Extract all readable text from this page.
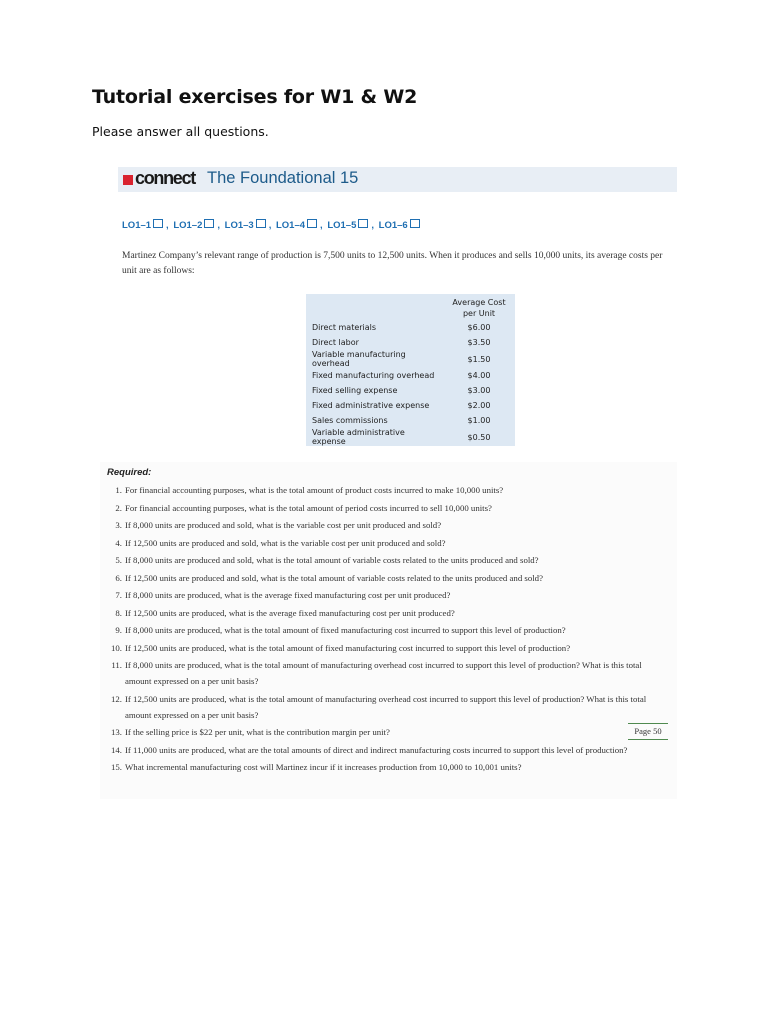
Tutorial exercises for W1 & W2

Please answer all questions.

connect The Foundational 15
LO1–1 , LO1–2 , LO1–3 , LO1–4 , LO1–5 , LO1–6

Martinez Company’s relevant range of production is 7,500 units to 12,500 units. When it produces and sells 10,000 units, its average costs per unit are as follows:

	Average Cost
per Unit
Direct materials	$6.00
Direct labor	$3.50
Variable manufacturing overhead	$1.50
Fixed manufacturing overhead	$4.00
Fixed selling expense	$3.00
Fixed administrative expense	$2.00
Sales commissions	$1.00
Variable administrative expense	$0.50
Required:
1. For financial accounting purposes, what is the total amount of product costs incurred to make 10,000 units?
2. For financial accounting purposes, what is the total amount of period costs incurred to sell 10,000 units?
3. If 8,000 units are produced and sold, what is the variable cost per unit produced and sold?
4. If 12,500 units are produced and sold, what is the variable cost per unit produced and sold?
5. If 8,000 units are produced and sold, what is the total amount of variable costs related to the units produced and sold?
6. If 12,500 units are produced and sold, what is the total amount of variable costs related to the units produced and sold?
7. If 8,000 units are produced, what is the average fixed manufacturing cost per unit produced?
8. If 12,500 units are produced, what is the average fixed manufacturing cost per unit produced?
9. If 8,000 units are produced, what is the total amount of fixed manufacturing cost incurred to support this level of production?
10. If 12,500 units are produced, what is the total amount of fixed manufacturing cost incurred to support this level of production?
11. If 8,000 units are produced, what is the total amount of manufacturing overhead cost incurred to support this level of production? What is this total amount expressed on a per unit basis?
12. If 12,500 units are produced, what is the total amount of manufacturing overhead cost incurred to support this level of production? What is this total amount expressed on a per unit basis?
13. If the selling price is $22 per unit, what is the contribution margin per unit?
14. If 11,000 units are produced, what are the total amounts of direct and indirect manufacturing costs incurred to support this level of production?
15. What incremental manufacturing cost will Martinez incur if it increases production from 10,000 to 10,001 units?
Page 50
